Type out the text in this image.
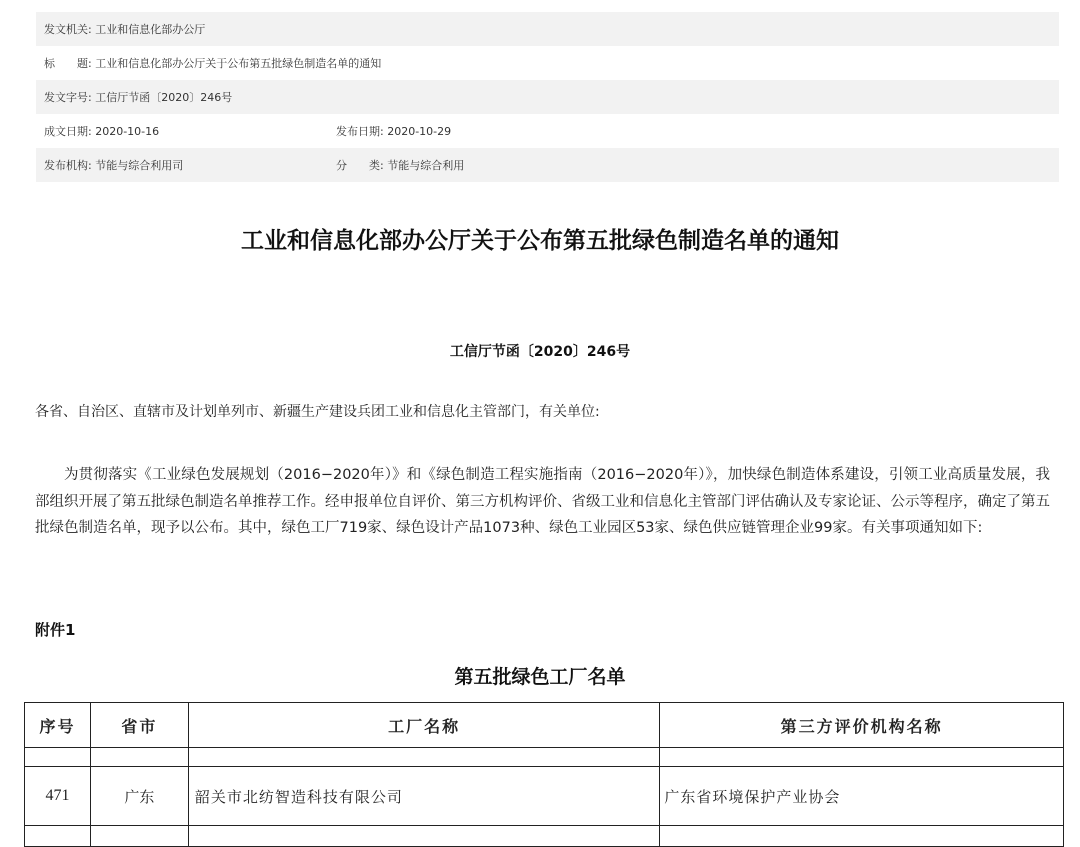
发文机关: 工业和信息化部办公厅
标　　题: 工业和信息化部办公厅关于公布第五批绿色制造名单的通知
发文字号: 工信厅节函〔2020〕246号
成文日期: 2020-10-16	发布日期: 2020-10-29
发布机构: 节能与综合利用司	分　　类: 节能与综合利用
工业和信息化部办公厅关于公布第五批绿色制造名单的通知
工信厅节函〔2020〕246号
各省、自治区、直辖市及计划单列市、新疆生产建设兵团工业和信息化主管部门，有关单位:
为贯彻落实《工业绿色发展规划（2016−2020年）》和《绿色制造工程实施指南（2016−2020年）》，加快绿色制造体系建设，引领工业高质量发展，我部组织开展了第五批绿色制造名单推荐工作。经申报单位自评价、第三方机构评价、省级工业和信息化主管部门评估确认及专家论证、公示等程序，确定了第五批绿色制造名单，现予以公布。其中，绿色工厂719家、绿色设计产品1073种、绿色工业园区53家、绿色供应链管理企业99家。有关事项通知如下:
附件1
第五批绿色工厂名单
序号	省市	工厂名称	第三方评价机构名称

471	广东	韶关市北纺智造科技有限公司	广东省环境保护产业协会
